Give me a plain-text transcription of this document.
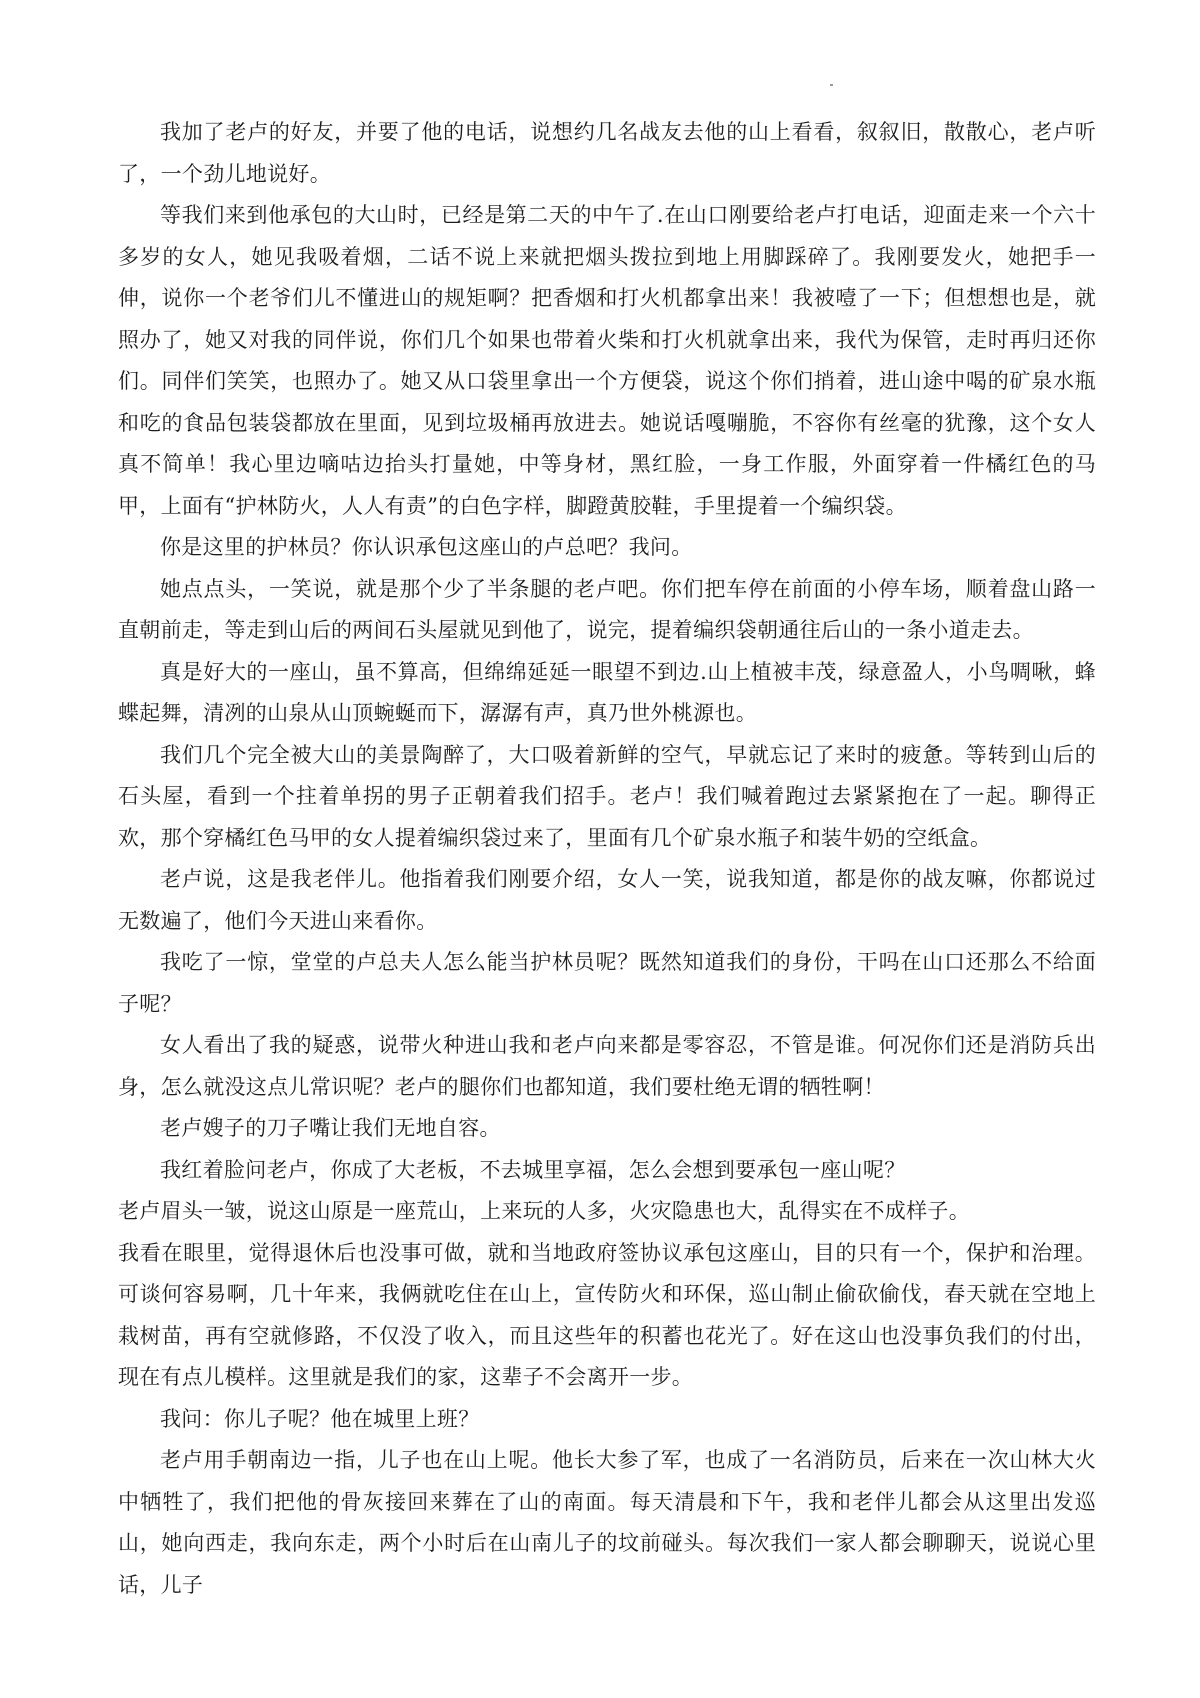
我加了老卢的好友，并要了他的电话，说想约几名战友去他的山上看看，叙叙旧，散散心，老卢听了，一个劲儿地说好。

等我们来到他承包的大山时，已经是第二天的中午了.在山口刚要给老卢打电话，迎面走来一个六十多岁的女人，她见我吸着烟，二话不说上来就把烟头拨拉到地上用脚踩碎了。我刚要发火，她把手一伸，说你一个老爷们儿不懂进山的规矩啊？把香烟和打火机都拿出来！我被噎了一下；但想想也是，就照办了，她又对我的同伴说，你们几个如果也带着火柴和打火机就拿出来，我代为保管，走时再归还你们。同伴们笑笑，也照办了。她又从口袋里拿出一个方便袋，说这个你们捎着，进山途中喝的矿泉水瓶和吃的食品包装袋都放在里面，见到垃圾桶再放进去。她说话嘎嘣脆，不容你有丝毫的犹豫，这个女人真不简单！我心里边嘀咕边抬头打量她，中等身材，黑红脸，一身工作服，外面穿着一件橘红色的马甲，上面有“护林防火，人人有责”的白色字样，脚蹬黄胶鞋，手里提着一个编织袋。

你是这里的护林员？你认识承包这座山的卢总吧？我问。

她点点头，一笑说，就是那个少了半条腿的老卢吧。你们把车停在前面的小停车场，顺着盘山路一直朝前走，等走到山后的两间石头屋就见到他了，说完，提着编织袋朝通往后山的一条小道走去。

真是好大的一座山，虽不算高，但绵绵延延一眼望不到边.山上植被丰茂，绿意盈人，小鸟啁啾，蜂蝶起舞，清冽的山泉从山顶蜿蜒而下，潺潺有声，真乃世外桃源也。

我们几个完全被大山的美景陶醉了，大口吸着新鲜的空气，早就忘记了来时的疲惫。等转到山后的石头屋，看到一个拄着单拐的男子正朝着我们招手。老卢！我们喊着跑过去紧紧抱在了一起。聊得正欢，那个穿橘红色马甲的女人提着编织袋过来了，里面有几个矿泉水瓶子和装牛奶的空纸盒。

老卢说，这是我老伴儿。他指着我们刚要介绍，女人一笑，说我知道，都是你的战友嘛，你都说过无数遍了，他们今天进山来看你。

我吃了一惊，堂堂的卢总夫人怎么能当护林员呢？既然知道我们的身份，干吗在山口还那么不给面子呢？

女人看出了我的疑惑，说带火种进山我和老卢向来都是零容忍，不管是谁。何况你们还是消防兵出身，怎么就没这点儿常识呢？老卢的腿你们也都知道，我们要杜绝无谓的牺牲啊！

老卢嫂子的刀子嘴让我们无地自容。

我红着脸问老卢，你成了大老板，不去城里享福，怎么会想到要承包一座山呢？

老卢眉头一皱，说这山原是一座荒山，上来玩的人多，火灾隐患也大，乱得实在不成样子。

我看在眼里，觉得退休后也没事可做，就和当地政府签协议承包这座山，目的只有一个，保护和治理。可谈何容易啊，几十年来，我俩就吃住在山上，宣传防火和环保，巡山制止偷砍偷伐，春天就在空地上栽树苗，再有空就修路，不仅没了收入，而且这些年的积蓄也花光了。好在这山也没事负我们的付出，现在有点儿模样。这里就是我们的家，这辈子不会离开一步。

我问：你儿子呢？他在城里上班？

老卢用手朝南边一指，儿子也在山上呢。他长大参了军，也成了一名消防员，后来在一次山林大火中牺牲了，我们把他的骨灰接回来葬在了山的南面。每天清晨和下午，我和老伴儿都会从这里出发巡山，她向西走，我向东走，两个小时后在山南儿子的坟前碰头。每次我们一家人都会聊聊天，说说心里话，儿子
